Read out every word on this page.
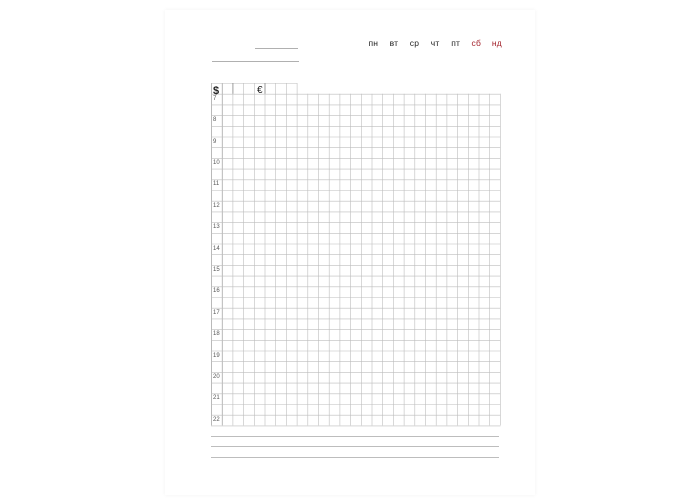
пн	вт	ср	чт	пт	сб	нд
$	€
7
8
9
10
11
12
13
14
15
16
17
18
19
20
21
22
